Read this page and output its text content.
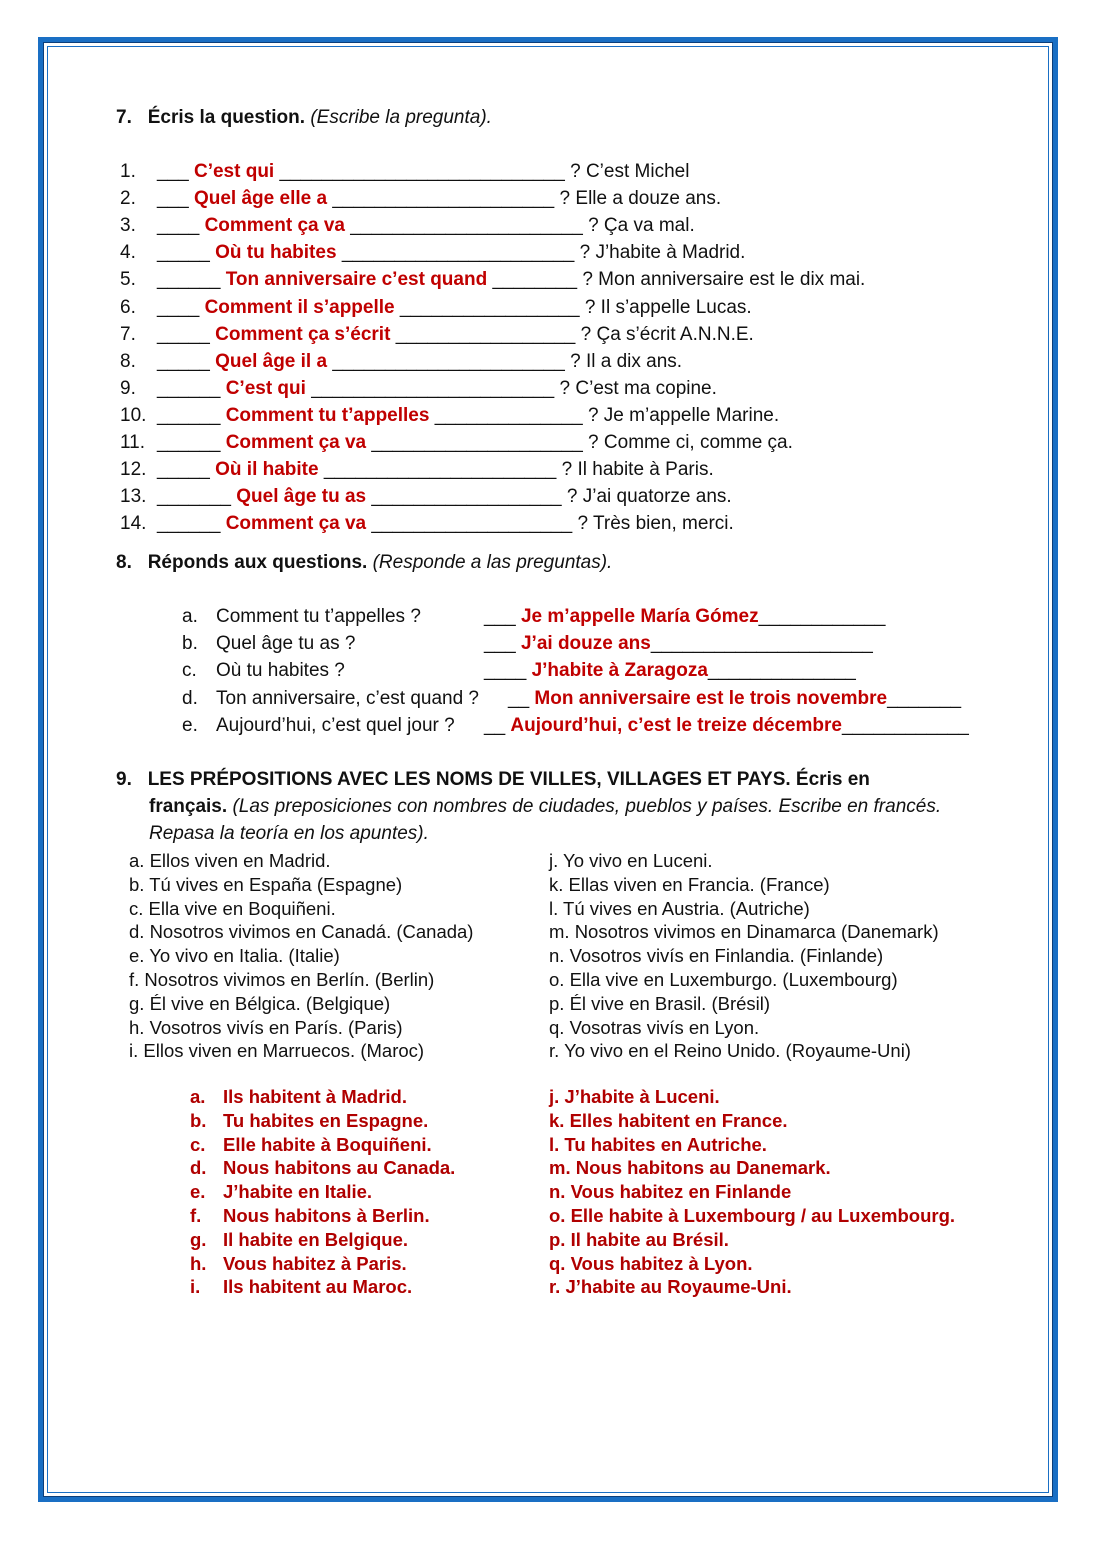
7. Écris la question. (Escribe la pregunta).
1. ___ C’est qui ___________________________ ? C’est Michel
2. ___ Quel âge elle a _____________________ ? Elle a douze ans.
3. ____ Comment ça va ______________________ ? Ça va mal.
4. _____ Où tu habites ______________________ ? J’habite à Madrid.
5. ______ Ton anniversaire c’est quand ________ ? Mon anniversaire est le dix mai.
6. ____ Comment il s’appelle _________________ ? Il s’appelle Lucas.
7. _____ Comment ça s’écrit _________________ ? Ça s’écrit A.N.N.E.
8. _____ Quel âge il a ______________________ ? Il a dix ans.
9. ______ C’est qui _______________________ ? C’est ma copine.
10. ______ Comment tu t’appelles ______________ ? Je m’appelle Marine.
11. ______ Comment ça va ____________________ ? Comme ci, comme ça.
12. _____ Où il habite ______________________ ? Il habite à Paris.
13. _______ Quel âge tu as __________________ ? J’ai quatorze ans.
14. ______ Comment ça va ___________________ ? Très bien, merci.
8. Réponds aux questions. (Responde a las preguntas).
a. Comment tu t’appelles ?	___ Je m’appelle María Gómez____________
b. Quel âge tu as ?	___ J’ai douze ans_____________________
c. Où tu habites ?	____ J’habite à Zaragoza______________
d. Ton anniversaire, c’est quand ? __ Mon anniversaire est le trois novembre_______
e. Aujourd’hui, c’est quel jour ? __ Aujourd’hui, c’est le treize décembre____________
9. LES PRÉPOSITIONS AVEC LES NOMS DE VILLES, VILLAGES ET PAYS. Écris en
français. (Las preposiciones con nombres de ciudades, pueblos y países. Escribe en francés.
Repasa la teoría en los apuntes).
a. Ellos viven en Madrid.
b. Tú vives en España (Espagne)
c. Ella vive en Boquiñeni.
d. Nosotros vivimos en Canadá. (Canada)
e. Yo vivo en Italia. (Italie)
f. Nosotros vivimos en Berlín. (Berlin)
g. Él vive en Bélgica. (Belgique)
h. Vosotros vivís en París. (Paris)
i. Ellos viven en Marruecos. (Maroc)
j. Yo vivo en Luceni.
k. Ellas viven en Francia. (France)
l. Tú vives en Austria. (Autriche)
m. Nosotros vivimos en Dinamarca (Danemark)
n. Vosotros vivís en Finlandia. (Finlande)
o. Ella vive en Luxemburgo. (Luxembourg)
p. Él vive en Brasil. (Brésil)
q. Vosotras vivís en Lyon.
r. Yo vivo en el Reino Unido. (Royaume-Uni)
a. Ils habitent à Madrid.
b. Tu habites en Espagne.
c. Elle habite à Boquiñeni.
d. Nous habitons au Canada.
e. J’habite en Italie.
f. Nous habitons à Berlin.
g. Il habite en Belgique.
h. Vous habitez à Paris.
i. Ils habitent au Maroc.
j. J’habite à Luceni.
k. Elles habitent en France.
l. Tu habites en Autriche.
m. Nous habitons au Danemark.
n. Vous habitez en Finlande
o. Elle habite à Luxembourg / au Luxembourg.
p. Il habite au Brésil.
q. Vous habitez à Lyon.
r. J’habite au Royaume-Uni.
